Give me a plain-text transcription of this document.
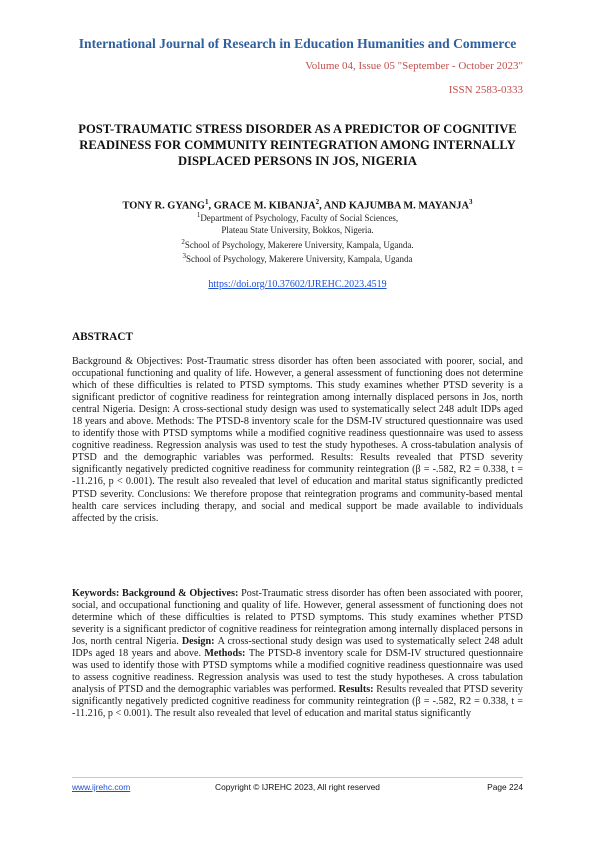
International Journal of Research in Education Humanities and Commerce
Volume 04, Issue 05 "September - October 2023"
ISSN 2583-0333
POST-TRAUMATIC STRESS DISORDER AS A PREDICTOR OF COGNITIVE READINESS FOR COMMUNITY REINTEGRATION AMONG INTERNALLY DISPLACED PERSONS IN JOS, NIGERIA
TONY R. GYANG$^1$, GRACE M. KIBANJA$^2$, AND KAJUMBA M. MAYANJA$^3$
$^1$Department of Psychology, Faculty of Social Sciences,
Plateau State University, Bokkos, Nigeria.
$^2$School of Psychology, Makerere University, Kampala, Uganda.
$^3$School of Psychology, Makerere University, Kampala, Uganda
https://doi.org/10.37602/IJREHC.2023.4519
ABSTRACT
Background & Objectives: Post-Traumatic stress disorder has often been associated with poorer, social, and occupational functioning and quality of life. However, a general assessment of functioning does not determine which of these difficulties is related to PTSD symptoms. This study examines whether PTSD severity is a significant predictor of cognitive readiness for reintegration among internally displaced persons in Jos, north central Nigeria. Design: A cross-sectional study design was used to systematically select 248 adult IDPs aged 18 years and above. Methods: The PTSD-8 inventory scale for the DSM-IV structured questionnaire was used to identify those with PTSD symptoms while a modified cognitive readiness questionnaire was used to assess cognitive readiness. Regression analysis was used to test the study hypotheses. A cross-tabulation analysis of PTSD and the demographic variables was performed. Results: Results revealed that PTSD severity significantly negatively predicted cognitive readiness for community reintegration (β = -.582, R2 = 0.338, t = -11.216, p < 0.001). The result also revealed that level of education and marital status significantly predicted PTSD severity. Conclusions: We therefore propose that reintegration programs and community-based mental health care services including therapy, and social and medical support be made available to individuals affected by the crisis.
Keywords: Background & Objectives: Post-Traumatic stress disorder has often been associated with poorer, social, and occupational functioning and quality of life. However, general assessment of functioning does not determine which of these difficulties is related to PTSD symptoms. This study examines whether PTSD severity is a significant predictor of cognitive readiness for reintegration among internally displaced persons in Jos, north central Nigeria. Design: A cross-sectional study design was used to systematically select 248 adult IDPs aged 18 years and above. Methods: The PTSD-8 inventory scale for DSM-IV structured questionnaire was used to identify those with PTSD symptoms while a modified cognitive readiness questionnaire was used to assess cognitive readiness. Regression analysis was used to test the study hypotheses. A cross tabulation analysis of PTSD and the demographic variables was performed. Results: Results revealed that PTSD severity significantly negatively predicted cognitive readiness for community reintegration (β = -.582, R2 = 0.338, t = -11.216, p < 0.001). The result also revealed that level of education and marital status significantly
www.ijrehc.com	Copyright © IJREHC 2023, All right reserved	Page 224
